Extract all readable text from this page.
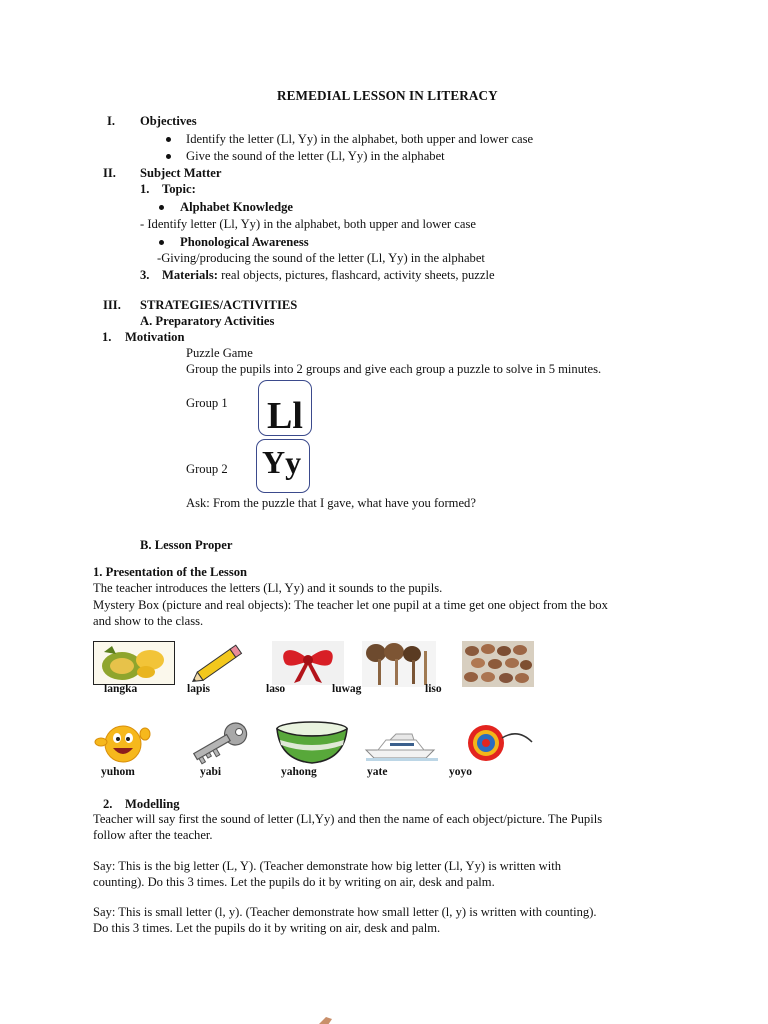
REMEDIAL LESSON IN LITERACY
I. Objectives
Identify the letter (Ll, Yy) in the alphabet, both upper and lower case
Give the sound of the letter (Ll, Yy) in the alphabet
II. Subject Matter
1. Topic:
Alphabet Knowledge
- Identify letter (Ll, Yy) in the alphabet, both upper and lower case
Phonological Awareness
-Giving/producing the sound of the letter (Ll, Yy) in the alphabet
3. Materials: real objects, pictures, flashcard, activity sheets, puzzle
III. STRATEGIES/ACTIVITIES
A. Preparatory Activities
1. Motivation
Puzzle Game
Group the pupils into 2 groups and give each group a puzzle to solve in 5 minutes.
Group 1 Ll
Group 2 Yy
Ask: From the puzzle that I gave, what have you formed?
B. Lesson Proper
1. Presentation of the Lesson
The teacher introduces the letters (Ll, Yy) and it sounds to the pupils.
Mystery Box (picture and real objects): The teacher let one pupil at a time get one object from the box
and show to the class.
langka	lapis	laso	luwag	liso
yuhom	yabi	yahong	yate	yoyo
2. Modelling
Teacher will say first the sound of letter (Ll,Yy) and then the name of each object/picture. The Pupils
follow after the teacher.
Say: This is the big letter (L, Y). (Teacher demonstrate how big letter (Ll, Yy) is written with
counting). Do this 3 times. Let the pupils do it by writing on air, desk and palm.
Say: This is small letter (l, y). (Teacher demonstrate how small letter (l, y) is written with counting).
Do this 3 times. Let the pupils do it by writing on air, desk and palm.
